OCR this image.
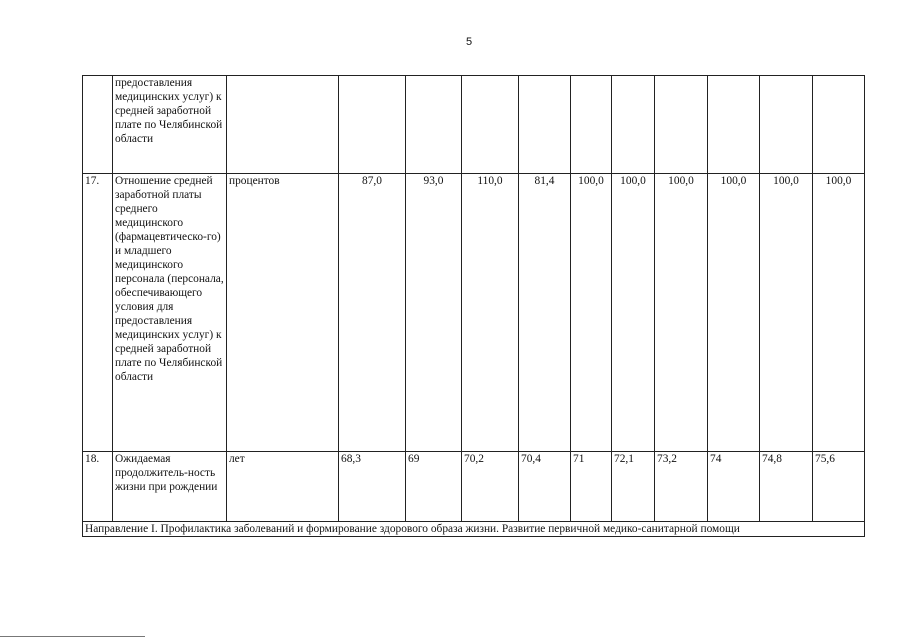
5
	предоставления медицинских услуг) к средней заработной плате по Челябинской области											
17.	Отношение средней заработной платы среднего медицинского (фармацевтическо-го) и младшего медицинского персонала (персонала, обеспечивающего условия для предоставления медицинских услуг) к средней заработной плате по Челябинской области	процентов	87,0	93,0	110,0	81,4	100,0	100,0	100,0	100,0	100,0	100,0
18.	Ожидаемая продолжитель-ность жизни при рождении	лет	68,3	69	70,2	70,4	71	72,1	73,2	74	74,8	75,6
Направление I. Профилактика заболеваний и формирование здорового образа жизни. Развитие первичной медико-санитарной помощи												
